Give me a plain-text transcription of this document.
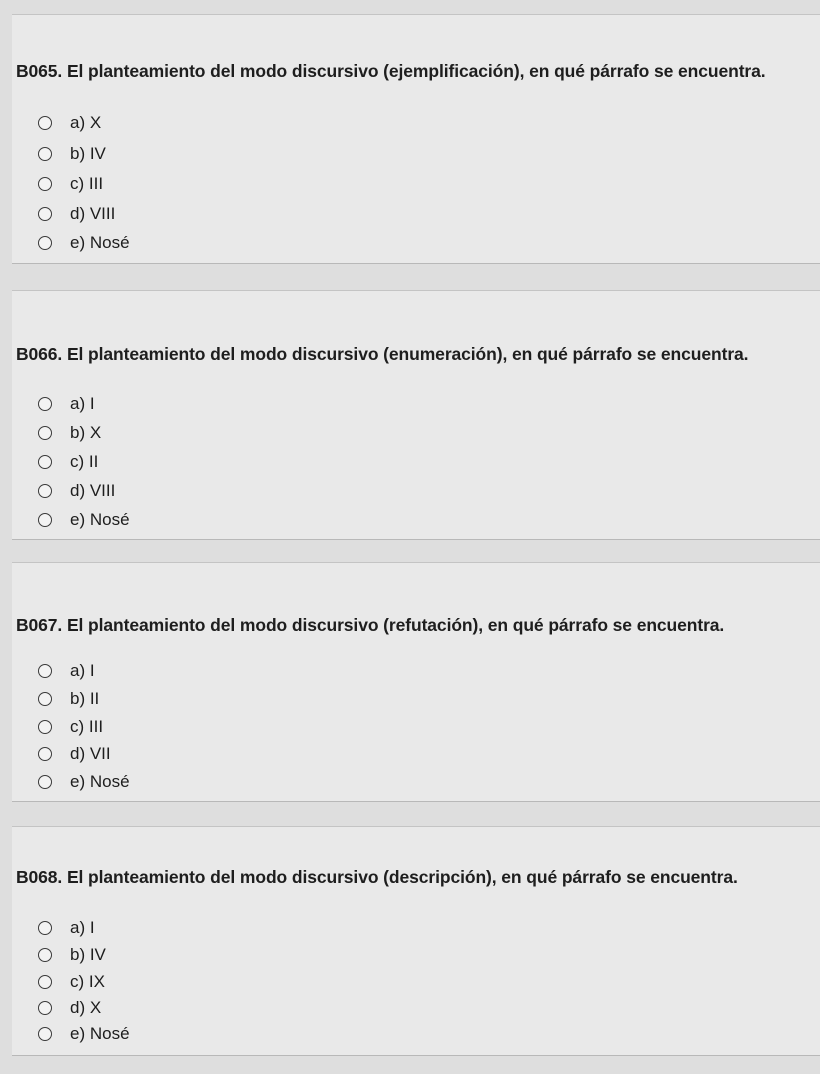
B065. El planteamiento del modo discursivo (ejemplificación), en qué párrafo se encuentra.
a) X
b) IV
c) III
d) VIII
e) Nosé
B066. El planteamiento del modo discursivo (enumeración), en qué párrafo se encuentra.
a) I
b) X
c) II
d) VIII
e) Nosé
B067. El planteamiento del modo discursivo (refutación), en qué párrafo se encuentra.
a) I
b) II
c) III
d) VII
e) Nosé
B068. El planteamiento del modo discursivo (descripción), en qué párrafo se encuentra.
a) I
b) IV
c) IX
d) X
e) Nosé
